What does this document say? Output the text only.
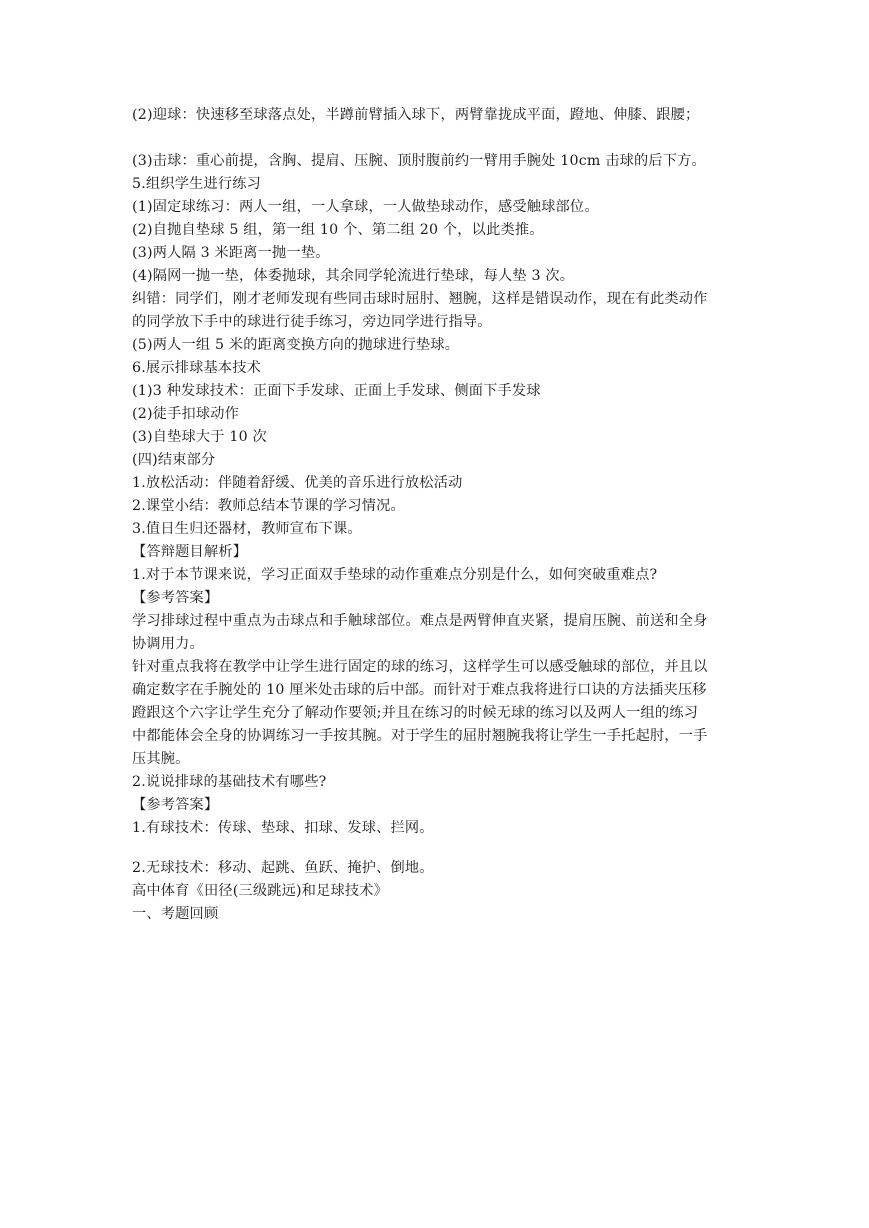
(2)迎球：快速移至球落点处，半蹲前臂插入球下，两臂靠拢成平面，蹬地、伸膝、跟腰；
(3)击球：重心前提，含胸、提肩、压腕、顶肘腹前约一臂用手腕处 10cm 击球的后下方。
5.组织学生进行练习
(1)固定球练习：两人一组，一人拿球，一人做垫球动作，感受触球部位。
(2)自抛自垫球 5 组，第一组 10 个、第二组 20 个，以此类推。
(3)两人隔 3 米距离一抛一垫。
(4)隔网一抛一垫，体委抛球，其余同学轮流进行垫球，每人垫 3 次。
纠错：同学们，刚才老师发现有些同击球时屈肘、翘腕，这样是错误动作，现在有此类动作
的同学放下手中的球进行徒手练习，旁边同学进行指导。
(5)两人一组 5 米的距离变换方向的抛球进行垫球。
6.展示排球基本技术
(1)3 种发球技术：正面下手发球、正面上手发球、侧面下手发球
(2)徒手扣球动作
(3)自垫球大于 10 次
(四)结束部分
1.放松活动：伴随着舒缓、优美的音乐进行放松活动
2.课堂小结：教师总结本节课的学习情况。
3.值日生归还器材，教师宣布下课。
【答辩题目解析】
1.对于本节课来说，学习正面双手垫球的动作重难点分别是什么，如何突破重难点?
【参考答案】
学习排球过程中重点为击球点和手触球部位。难点是两臂伸直夹紧，提肩压腕、前送和全身
协调用力。
针对重点我将在教学中让学生进行固定的球的练习，这样学生可以感受触球的部位，并且以
确定数字在手腕处的 10 厘米处击球的后中部。而针对于难点我将进行口诀的方法插夹压移
蹬跟这个六字让学生充分了解动作要领;并且在练习的时候无球的练习以及两人一组的练习
中都能体会全身的协调练习一手按其腕。对于学生的屈肘翘腕我将让学生一手托起肘，一手
压其腕。
2.说说排球的基础技术有哪些?
【参考答案】
1.有球技术：传球、垫球、扣球、发球、拦网。
2.无球技术：移动、起跳、鱼跃、掩护、倒地。
高中体育《田径(三级跳远)和足球技术》
一、考题回顾
